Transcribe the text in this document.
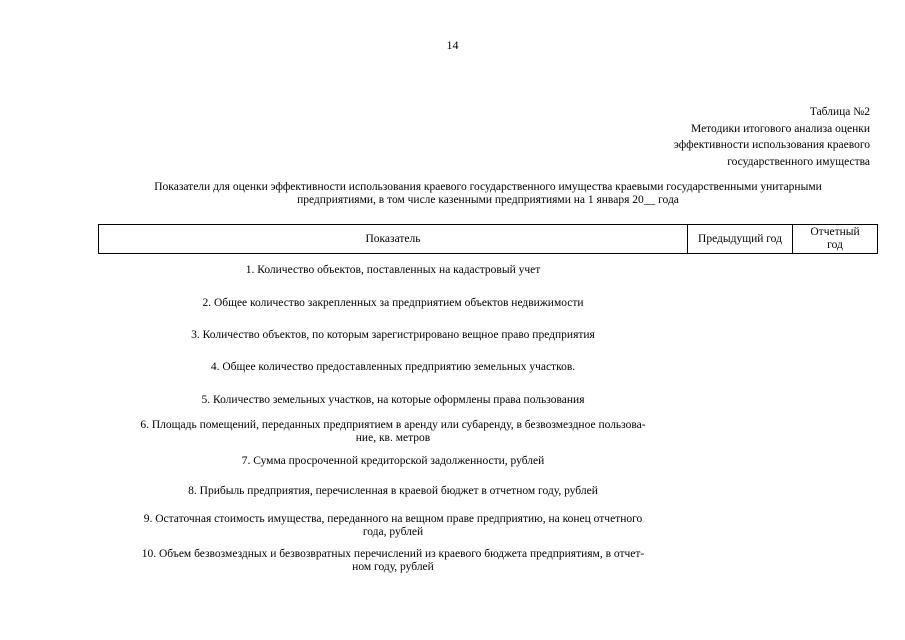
14
Таблица №2
Методики итогового анализа оценки
эффективности использования краевого
государственного имущества
Показатели для оценки эффективности использования краевого государственного имущества краевыми государственными унитарными
предприятиями, в том числе казенными предприятиями на 1 января 20__ года
Показатель	Предыдущий год	Отчетный
год
1. Количество объектов, поставленных на кадастровый учет
2. Общее количество закрепленных за предприятием объектов недвижимости
3. Количество объектов, по которым зарегистрировано вещное право предприятия
4. Общее количество предоставленных предприятию земельных участков.
5. Количество земельных участков, на которые оформлены права пользования
6. Площадь помещений, переданных предприятием в аренду или субаренду, в безвозмездное пользова-
ние, кв. метров
7. Сумма просроченной кредиторской задолженности, рублей
8. Прибыль предприятия, перечисленная в краевой бюджет в отчетном году, рублей
9. Остаточная стоимость имущества, переданного на вещном праве предприятию, на конец отчетного
года, рублей
10. Объем безвозмездных и безвозвратных перечислений из краевого бюджета предприятиям, в отчет-
ном году, рублей
